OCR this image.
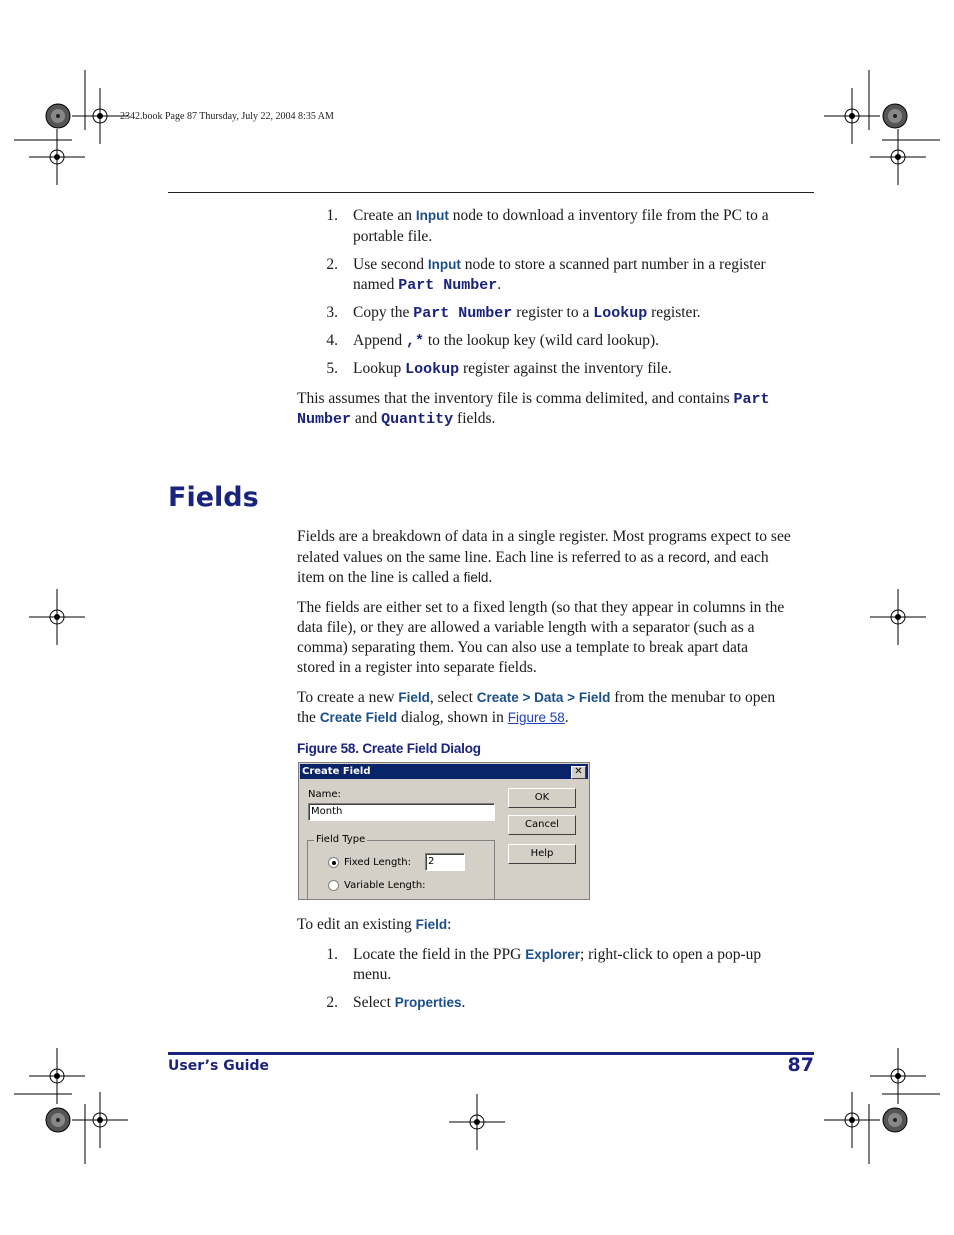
2342.book Page 87 Thursday, July 22, 2004 8:35 AM
1. Create an Input node to download a inventory file from the PC to a
portable file.
2. Use second Input node to store a scanned part number in a register
named Part Number.
3. Copy the Part Number register to a Lookup register.
4. Append ,* to the lookup key (wild card lookup).
5. Lookup Lookup register against the inventory file.
This assumes that the inventory file is comma delimited, and contains Part
Number and Quantity fields.
Fields
Fields are a breakdown of data in a single register. Most programs expect to see
related values on the same line. Each line is referred to as a record, and each
item on the line is called a field.
The fields are either set to a fixed length (so that they appear in columns in the
data file), or they are allowed a variable length with a separator (such as a
comma) separating them. You can also use a template to break apart data
stored in a register into separate fields.
To create a new Field, select Create > Data > Field from the menubar to open
the Create Field dialog, shown in Figure 58.
Figure 58. Create Field Dialog
Create Field	✕
Name:
Month
OK
Cancel
Help
Field Type
Fixed Length:	2
Variable Length:
To edit an existing Field:
1. Locate the field in the PPG Explorer; right-click to open a pop-up
menu.
2. Select Properties.
User’s Guide	87
